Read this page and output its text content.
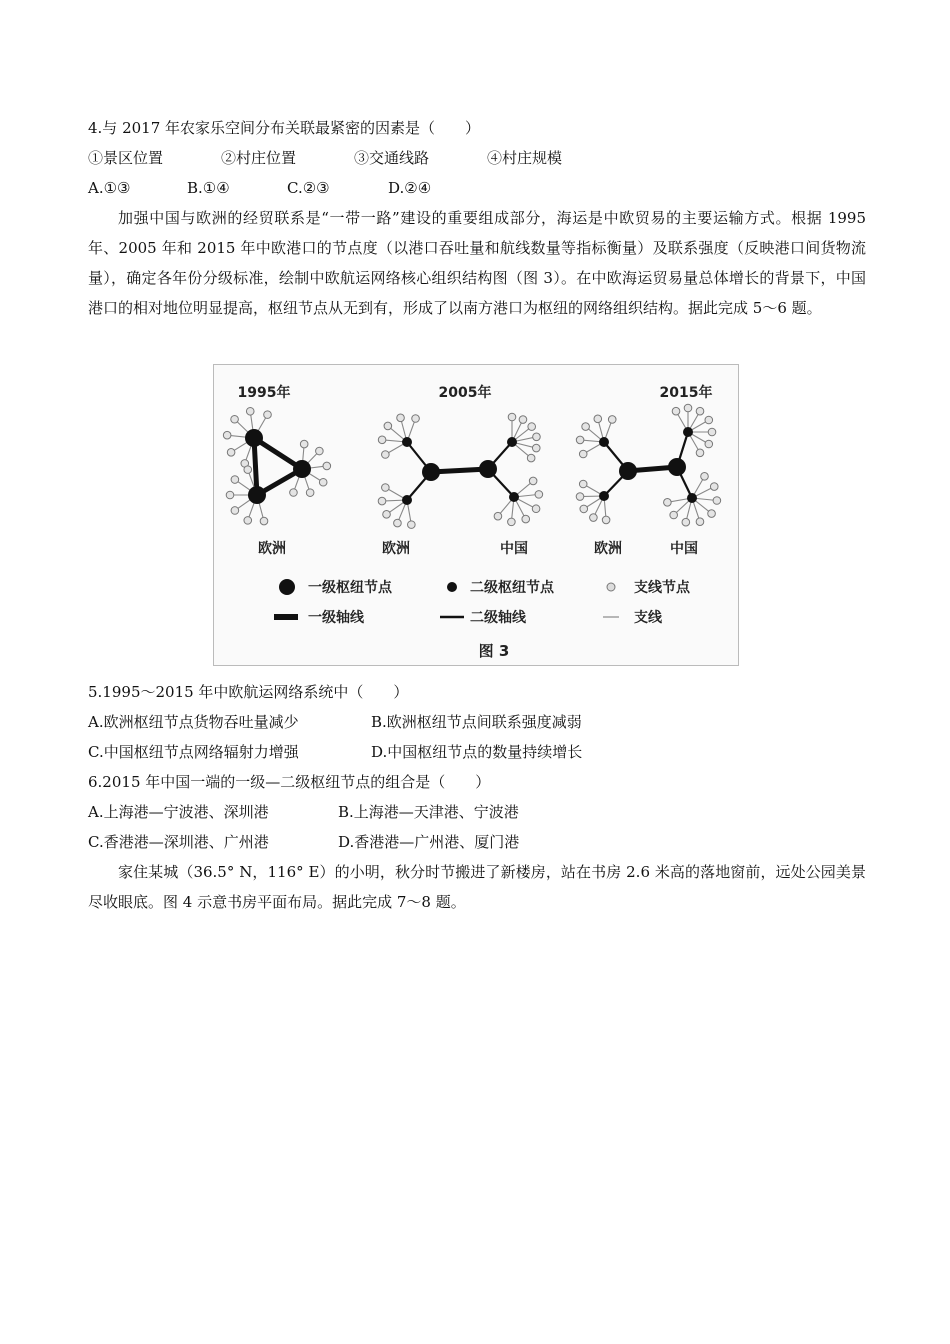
4.与 2017 年农家乐空间分布关联最紧密的因素是（　　）
①景区位置	②村庄位置	③交通线路	④村庄规模
A.①③	B.①④	C.②③	D.②④
加强中国与欧洲的经贸联系是“一带一路”建设的重要组成部分，海运是中欧贸易的主要运输方式。根据 1995 年、2005 年和 2015 年中欧港口的节点度（以港口吞吐量和航线数量等指标衡量）及联系强度（反映港口间货物流量），确定各年份分级标准，绘制中欧航运网络核心组织结构图（图 3）。在中欧海运贸易量总体增长的背景下，中国港口的相对地位明显提高，枢纽节点从无到有，形成了以南方港口为枢纽的网络组织结构。据此完成 5～6 题。
1995年	2005年	2015年
欧洲	欧洲	中国	欧洲	中国
一级枢纽节点	二级枢纽节点	支线节点
一级轴线	二级轴线	支线
图 3
5.1995～2015 年中欧航运网络系统中（　　）
A.欧洲枢纽节点货物吞吐量减少	B.欧洲枢纽节点间联系强度减弱
C.中国枢纽节点网络辐射力增强	D.中国枢纽节点的数量持续增长
6.2015 年中国一端的一级—二级枢纽节点的组合是（　　）
A.上海港—宁波港、深圳港	B.上海港—天津港、宁波港
C.香港港—深圳港、广州港	D.香港港—广州港、厦门港
家住某城（36.5° N，116° E）的小明，秋分时节搬进了新楼房，站在书房 2.6 米高的落地窗前，远处公园美景尽收眼底。图 4 示意书房平面布局。据此完成 7～8 题。
